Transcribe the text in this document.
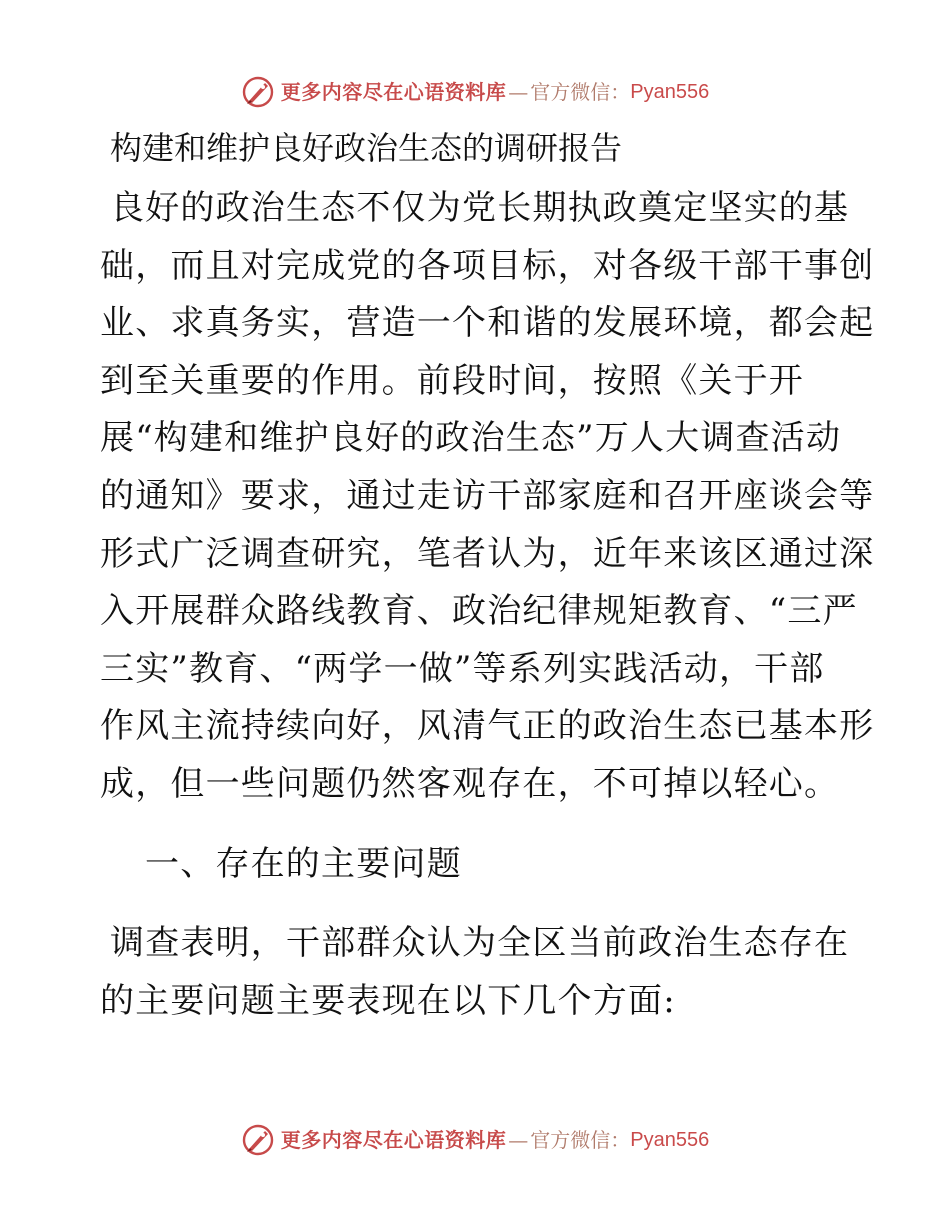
更多内容尽在心语资料库 — 官方微信： Pyan556
构建和维护良好政治生态的调研报告
良好的政治生态不仅为党长期执政奠定坚实的基
础，而且对完成党的各项目标，对各级干部干事创
业、求真务实，营造一个和谐的发展环境，都会起
到至关重要的作用。前段时间，按照《关于开
展“构建和维护良好的政治生态”万人大调查活动
的通知》要求，通过走访干部家庭和召开座谈会等
形式广泛调查研究，笔者认为，近年来该区通过深
入开展群众路线教育、政治纪律规矩教育、“三严
三实”教育、“两学一做”等系列实践活动，干部
作风主流持续向好，风清气正的政治生态已基本形
成，但一些问题仍然客观存在，不可掉以轻心。
一、存在的主要问题
调查表明，干部群众认为全区当前政治生态存在
的主要问题主要表现在以下几个方面:
更多内容尽在心语资料库 — 官方微信： Pyan556
